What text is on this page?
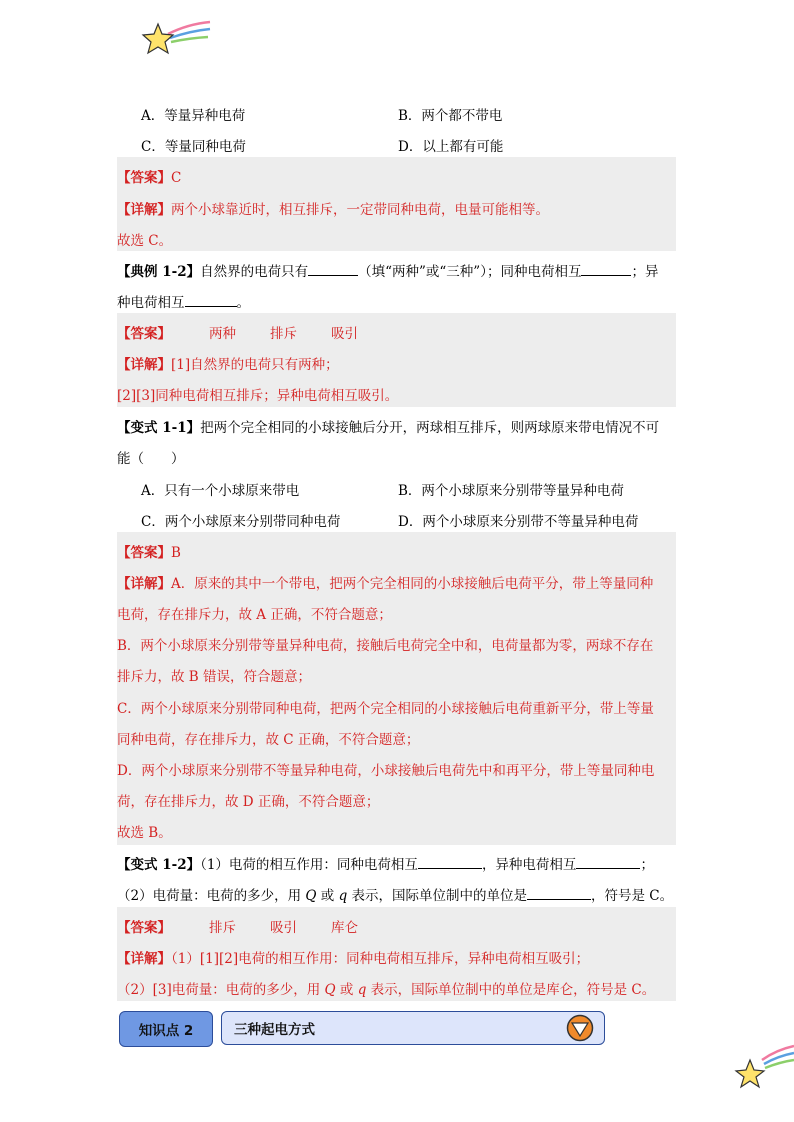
A．等量异种电荷	B．两个都不带电
C．等量同种电荷	D．以上都有可能
【答案】C
【详解】两个小球靠近时，相互排斥，一定带同种电荷，电量可能相等。
故选 C。
【典例 1-2】自然界的电荷只有	（填“两种”或“三种”）；同种电荷相互	；异
种电荷相互	。
【答案】	两种	排斥	吸引
【详解】[1]自然界的电荷只有两种；
[2][3]同种电荷相互排斥；异种电荷相互吸引。
【变式 1-1】把两个完全相同的小球接触后分开，两球相互排斥，则两球原来带电情况不可
能（　　）
A．只有一个小球原来带电	B．两个小球原来分别带等量异种电荷
C．两个小球原来分别带同种电荷	D．两个小球原来分别带不等量异种电荷
【答案】B
【详解】A．原来的其中一个带电，把两个完全相同的小球接触后电荷平分，带上等量同种
电荷，存在排斥力，故 A 正确，不符合题意；
B．两个小球原来分别带等量异种电荷，接触后电荷完全中和，电荷量都为零，两球不存在
排斥力，故 B 错误，符合题意；
C．两个小球原来分别带同种电荷，把两个完全相同的小球接触后电荷重新平分，带上等量
同种电荷，存在排斥力，故 C 正确，不符合题意；
D．两个小球原来分别带不等量异种电荷，小球接触后电荷先中和再平分，带上等量同种电
荷，存在排斥力，故 D 正确，不符合题意；
故选 B。
【变式 1-2】（1）电荷的相互作用：同种电荷相互	，异种电荷相互	；
（2）电荷量：电荷的多少，用 Q 或 q 表示，国际单位制中的单位是	，符号是 C。
【答案】	排斥	吸引	库仑
【详解】（1）[1][2]电荷的相互作用：同种电荷相互排斥，异种电荷相互吸引；
（2）[3]电荷量：电荷的多少，用 Q 或 q 表示，国际单位制中的单位是库仑，符号是 C。
知识点 2	三种起电方式
